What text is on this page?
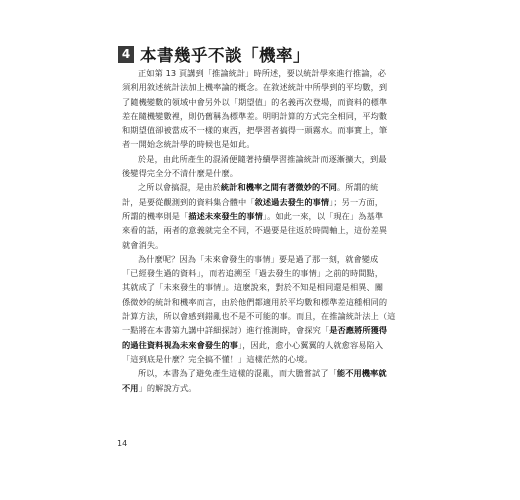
4 本書幾乎不談「機率」
正如第 13 頁講到「推論統計」時所述，要以統計學來進行推論，必
須利用敘述統計法加上機率論的概念。在敘述統計中所學到的平均數，到
了隨機變數的領域中會另外以「期望值」的名義再次登場，而資料的標準
差在隨機變數裡，則仍舊稱為標準差。明明計算的方式完全相同，平均數
和期望值卻被當成不一樣的東西，把學習者搞得一頭霧水。而事實上，筆
者一開始念統計學的時候也是如此。
於是，由此所產生的混淆便隨著持續學習推論統計而逐漸擴大，到最
後變得完全分不清什麼是什麼。
之所以會搞混，是由於統計和機率之間有著微妙的不同。所謂的統
計，是要從觀測到的資料集合體中「敘述過去發生的事情」；另一方面，
所謂的機率則是「描述未來發生的事情」。如此一來，以「現在」為基準
來看的話，兩者的意義就完全不同，不過要是往返於時間軸上，這份差異
就會消失。
為什麼呢？因為「未來會發生的事情」要是過了那一刻，就會變成
「已經發生過的資料」，而若追溯至「過去發生的事情」之前的時間點，
其就成了「未來發生的事情」。這麼說來，對於不知是相同還是相異、關
係微妙的統計和機率而言，由於他們都適用於平均數和標準差這種相同的
計算方法，所以會感到錯亂也不是不可能的事。而且，在推論統計法上（這
一點將在本書第九講中詳細探討）進行推測時，會探究「是否應將所獲得
的過往資料視為未來會發生的事」，因此，愈小心翼翼的人就愈容易陷入
「這到底是什麼？完全搞不懂！」這樣茫然的心境。
所以，本書為了避免產生這樣的混亂，而大膽嘗試了「能不用機率就
不用」的解說方式。
14
